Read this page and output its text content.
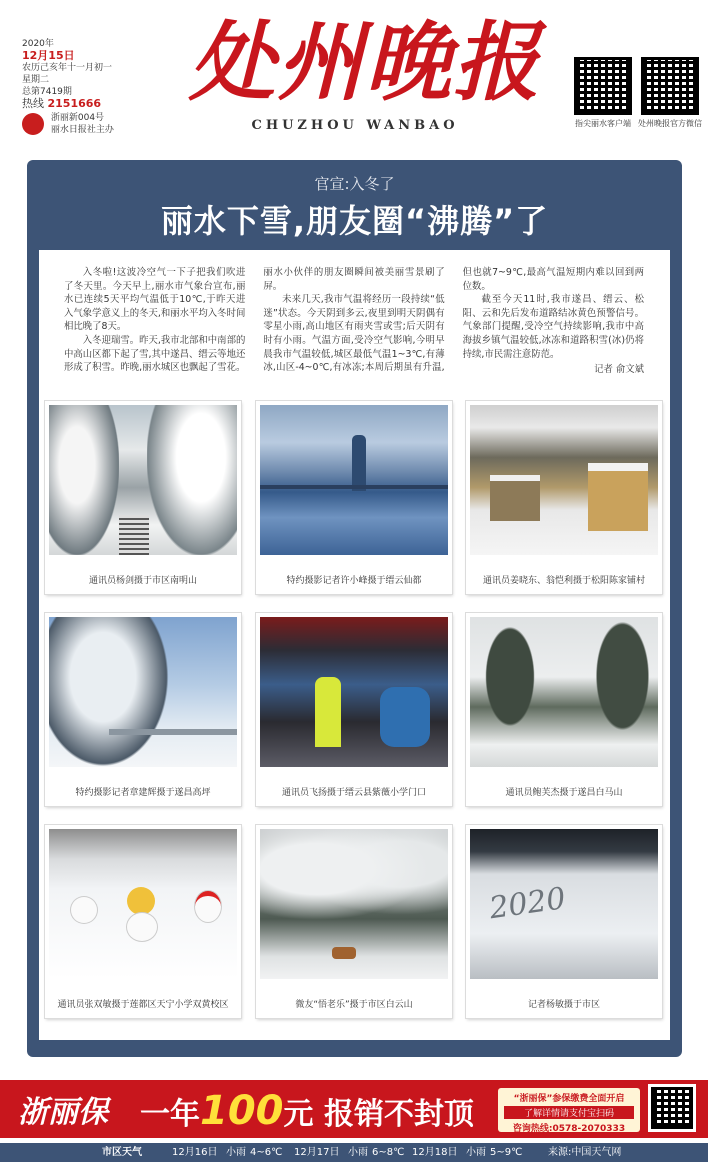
2020年
12月15日
农历己亥年十一月初一
星期二
总第7419期
热线 2151666
浙丽新004号
丽水日报社主办
处州晚报
CHUZHOU WANBAO	指尖丽水客户端 处州晚报官方微信
官宣:入冬了
丽水下雪,朋友圈“沸腾”了

入冬啦!这波冷空气一下子把我们吹进了冬天里。今天早上,丽水市气象台宣布,丽水已连续5天平均气温低于10℃,于昨天进入气象学意义上的冬天,和丽水平均入冬时间相比晚了8天。

入冬迎瑞雪。昨天,我市北部和中南部的中高山区都下起了雪,其中遂昌、缙云等地还形成了积雪。昨晚,丽水城区也飘起了雪花。丽水小伙伴的朋友圈瞬间被美丽雪景刷了屏。

未来几天,我市气温将经历一段持续“低迷”状态。今天阴到多云,夜里到明天阴偶有零星小雨,高山地区有雨夹雪或雪;后天阴有时有小雨。气温方面,受冷空气影响,今明早晨我市气温较低,城区最低气温1~3℃,有薄冰,山区-4~0℃,有冰冻;本周后期虽有升温,但也就7~9℃,最高气温短期内难以回到两位数。

截至今天11时,我市遂昌、缙云、松阳、云和先后发布道路结冰黄色预警信号。气象部门提醒,受冷空气持续影响,我市中高海拔乡镇气温较低,冰冻和道路积雪(冰)仍将持续,市民需注意防范。

记者 俞文斌

通讯员杨剑摄于市区南明山	特约摄影记者许小峰摄于缙云仙都	通讯员姜晓东、翁恺利摄于松阳陈家铺村
特约摄影记者章建辉摄于遂昌高坪	通讯员飞扬摄于缙云县紫薇小学门口	通讯员鲍芙杰摄于遂昌白马山
通讯员张双敏摄于莲都区天宁小学双黄校区	微友“悟老乐”摄于市区白云山
2020
记者杨敏摄于市区
浙丽保 一年100元 报销不封顶	“浙丽保”参保缴费全面开启
了解详情请支付宝扫码
咨询热线:0578-2070333
市区天气	12月16日 小雨 4~6℃ 12月17日 小雨 6~8℃ 12月18日 小雨 5~9℃	来源:中国天气网
